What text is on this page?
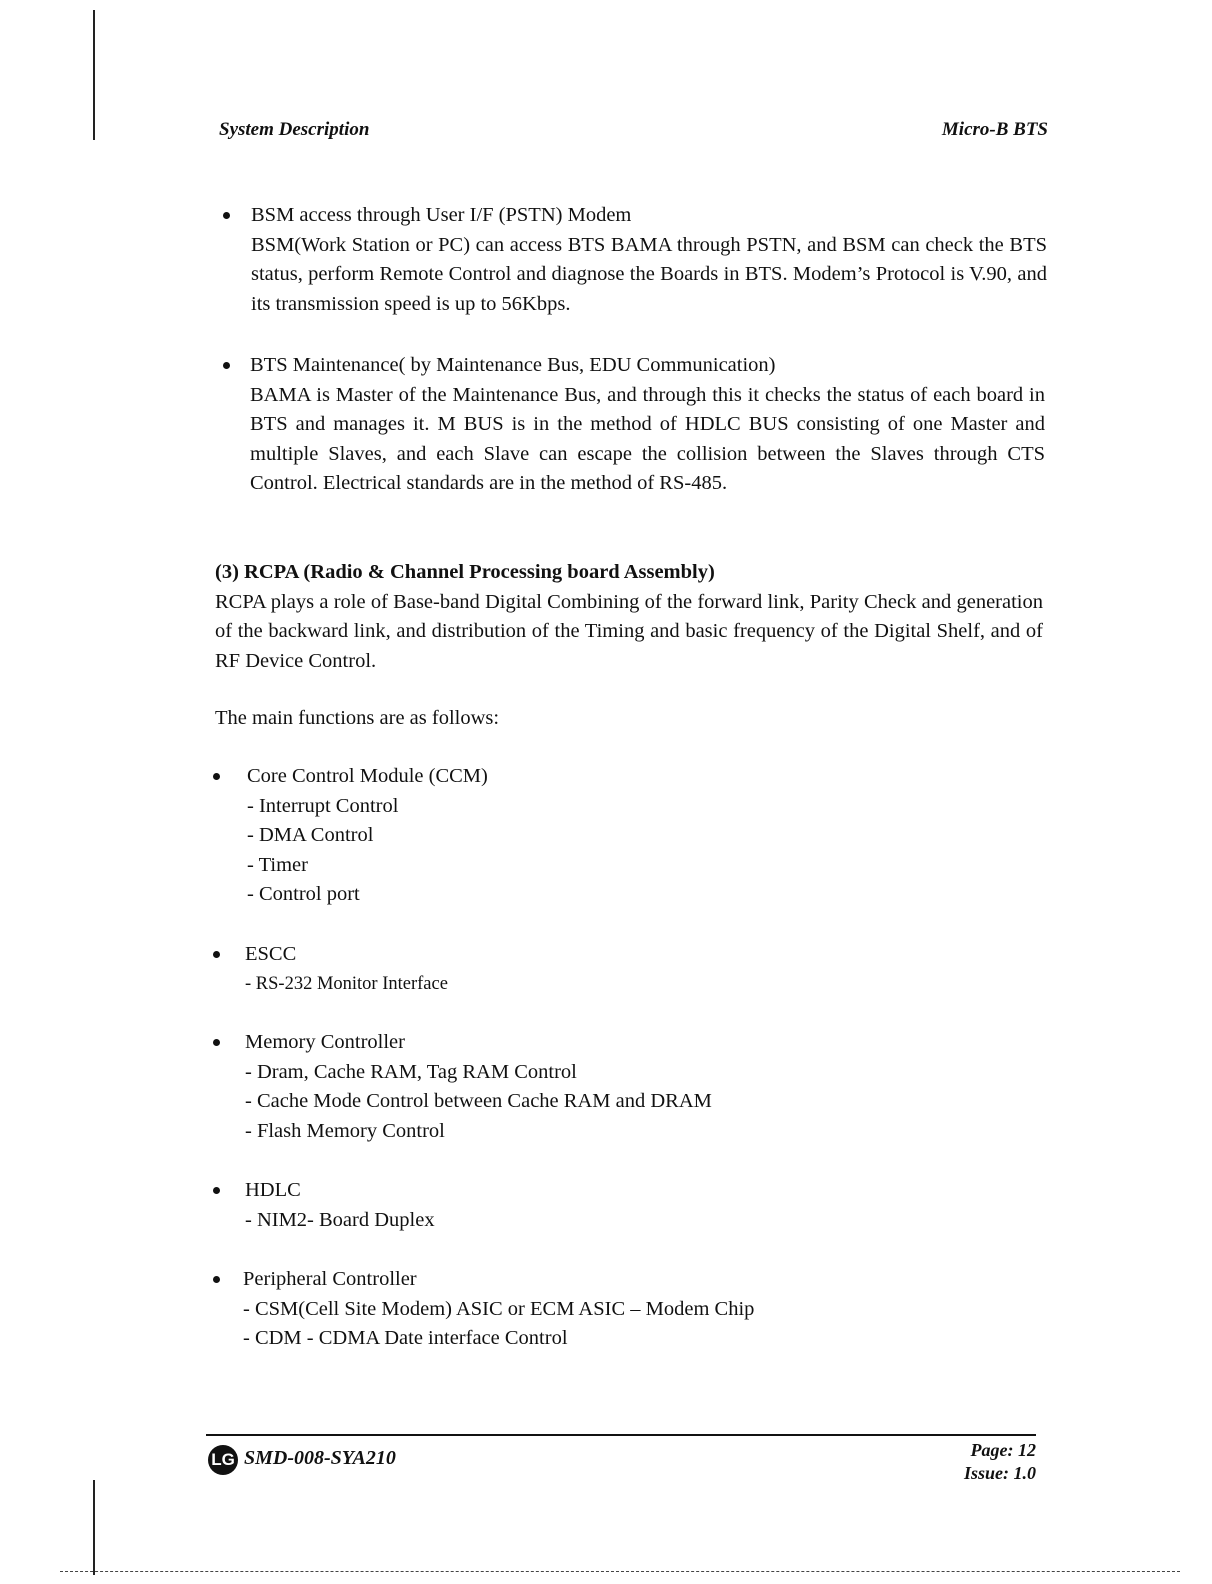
System Description	Micro-B BTS
BSM access through User I/F (PSTN) Modem
BSM(Work Station or PC) can access BTS BAMA through PSTN, and BSM can check the BTS status, perform Remote Control and diagnose the Boards in BTS. Modem’s Protocol is V.90, and its transmission speed is up to 56Kbps.
BTS Maintenance( by Maintenance Bus, EDU Communication)
BAMA is Master of the Maintenance Bus, and through this it checks the status of each board in BTS and manages it. M BUS is in the method of HDLC BUS consisting of one Master and multiple Slaves, and each Slave can escape the collision between the Slaves through CTS Control. Electrical standards are in the method of RS-485.
(3) RCPA (Radio & Channel Processing board Assembly)
RCPA plays a role of Base-band Digital Combining of the forward link, Parity Check and generation of the backward link, and distribution of the Timing and basic frequency of the Digital Shelf, and of RF Device Control.
The main functions are as follows:
Core Control Module (CCM)
- Interrupt Control
- DMA Control
- Timer
- Control port
ESCC
- RS-232 Monitor Interface
Memory Controller
- Dram, Cache RAM, Tag RAM Control
- Cache Mode Control between Cache RAM and DRAM
- Flash Memory Control
HDLC
- NIM2- Board Duplex
Peripheral Controller
- CSM(Cell Site Modem) ASIC or ECM ASIC – Modem Chip
- CDM - CDMA Date interface Control
LG SMD-008-SYA210	Page: 12
Issue: 1.0
